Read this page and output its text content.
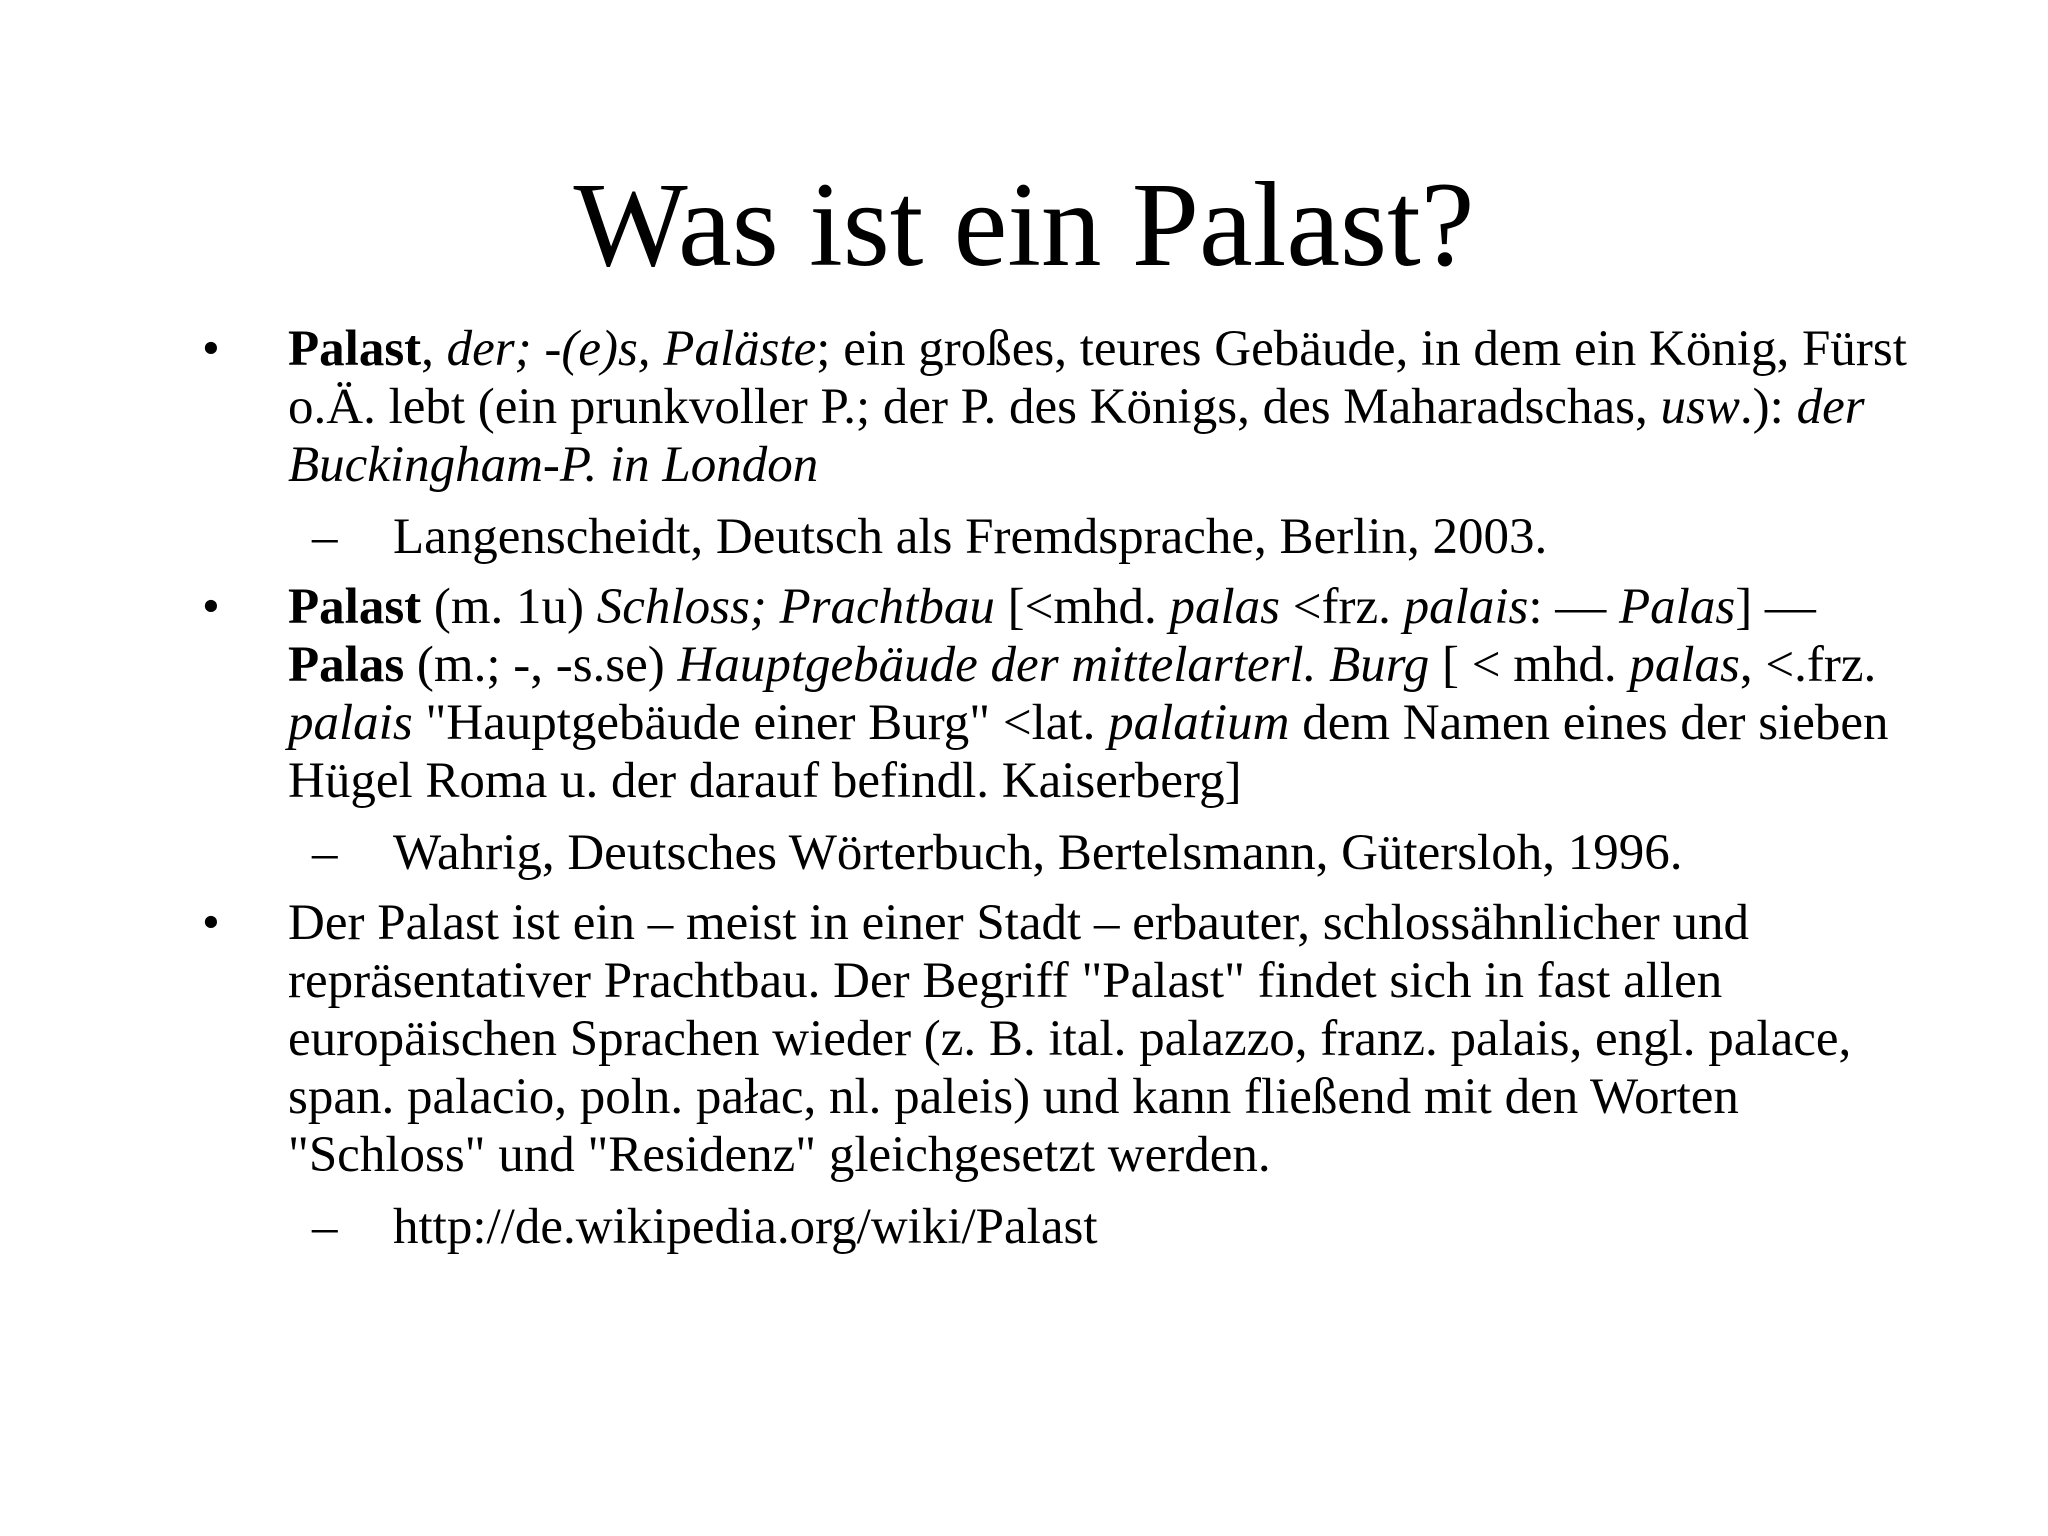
Was ist ein Palast?
•	Palast, der; -(e)s, Paläste; ein großes, teures Gebäude, in dem ein König, Fürst o.Ä. lebt (ein prunkvoller P.; der P. des Königs, des Maharadschas, usw.): der Buckingham-P. in London
– Langenscheidt, Deutsch als Fremdsprache, Berlin, 2003.
•	Palast (m. 1u) Schloss; Prachtbau [<mhd. palas <frz. palais: — Palas] —Palas (m.; -, -s.se) Hauptgebäude der mittelarterl. Burg [ < mhd. palas, <.frz. palais "Hauptgebäude einer Burg" <lat. palatium dem Namen eines der sieben Hügel Roma u. der darauf befindl. Kaiserberg]
– Wahrig, Deutsches Wörterbuch, Bertelsmann, Gütersloh, 1996.
•	Der Palast ist ein – meist in einer Stadt – erbauter, schlossähnlicher und repräsentativer Prachtbau. Der Begriff "Palast" findet sich in fast allen europäischen Sprachen wieder (z. B. ital. palazzo, franz. palais, engl. palace, span. palacio, poln. pałac, nl. paleis) und kann fließend mit den Worten "Schloss" und "Residenz" gleichgesetzt werden.
– http://de.wikipedia.org/wiki/Palast
